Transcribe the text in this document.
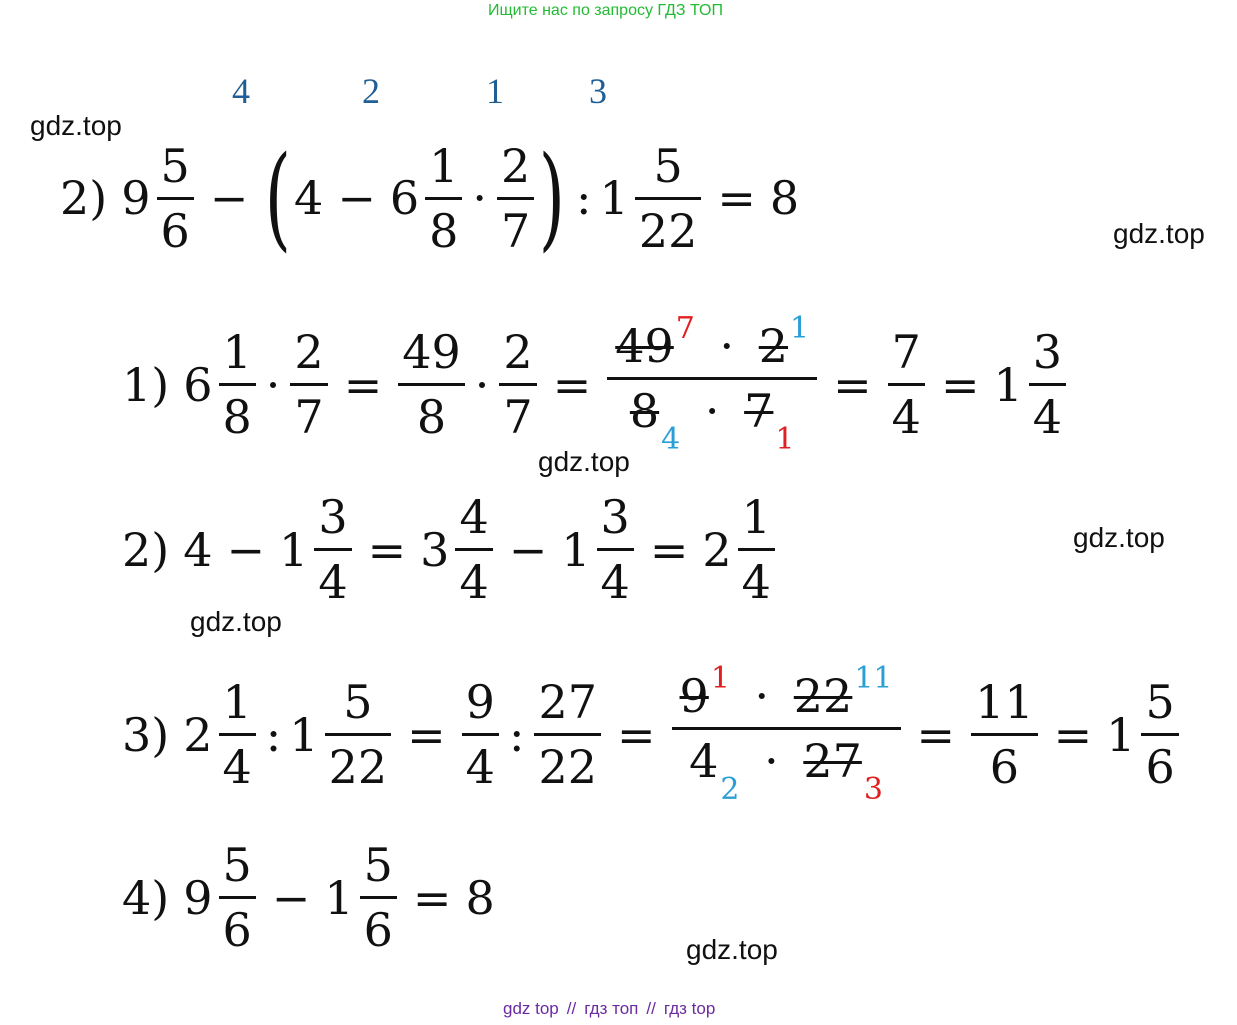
Ищите нас по запросу ГДЗ ТОП
4	2	1 3
gdz.top
gdz.top
gdz.top
gdz.top
gdz.top
gdz.top
2) $9 \frac{5}{6}$ − ( $4 - 6 \frac{1}{8} \cdot \frac{2}{7}$ ) : $1 \frac{5}{22} = 8$
1) $6 \frac{1}{8} \cdot \frac{2}{7} = \frac{49}{8} \cdot \frac{2}{7} = \frac{49^7 \cdot 2^1}{8_4 \cdot 7_1} = \frac{7}{4} = 1 \frac{3}{4}$
2) $4 - 1 \frac{3}{4} = 3 \frac{4}{4} - 1 \frac{3}{4} = 2 \frac{1}{4}$
3) $2 \frac{1}{4}$ : $1 \frac{5}{22} = \frac{9}{4}$ : $\frac{27}{22} = \frac{9^1 \cdot 22^{11}}{4_2 \cdot 27_3} = \frac{11}{6} = 1 \frac{5}{6}$
4) $9 \frac{5}{6} - 1 \frac{5}{6} = 8$
gdz top // гдз топ // гдз top
